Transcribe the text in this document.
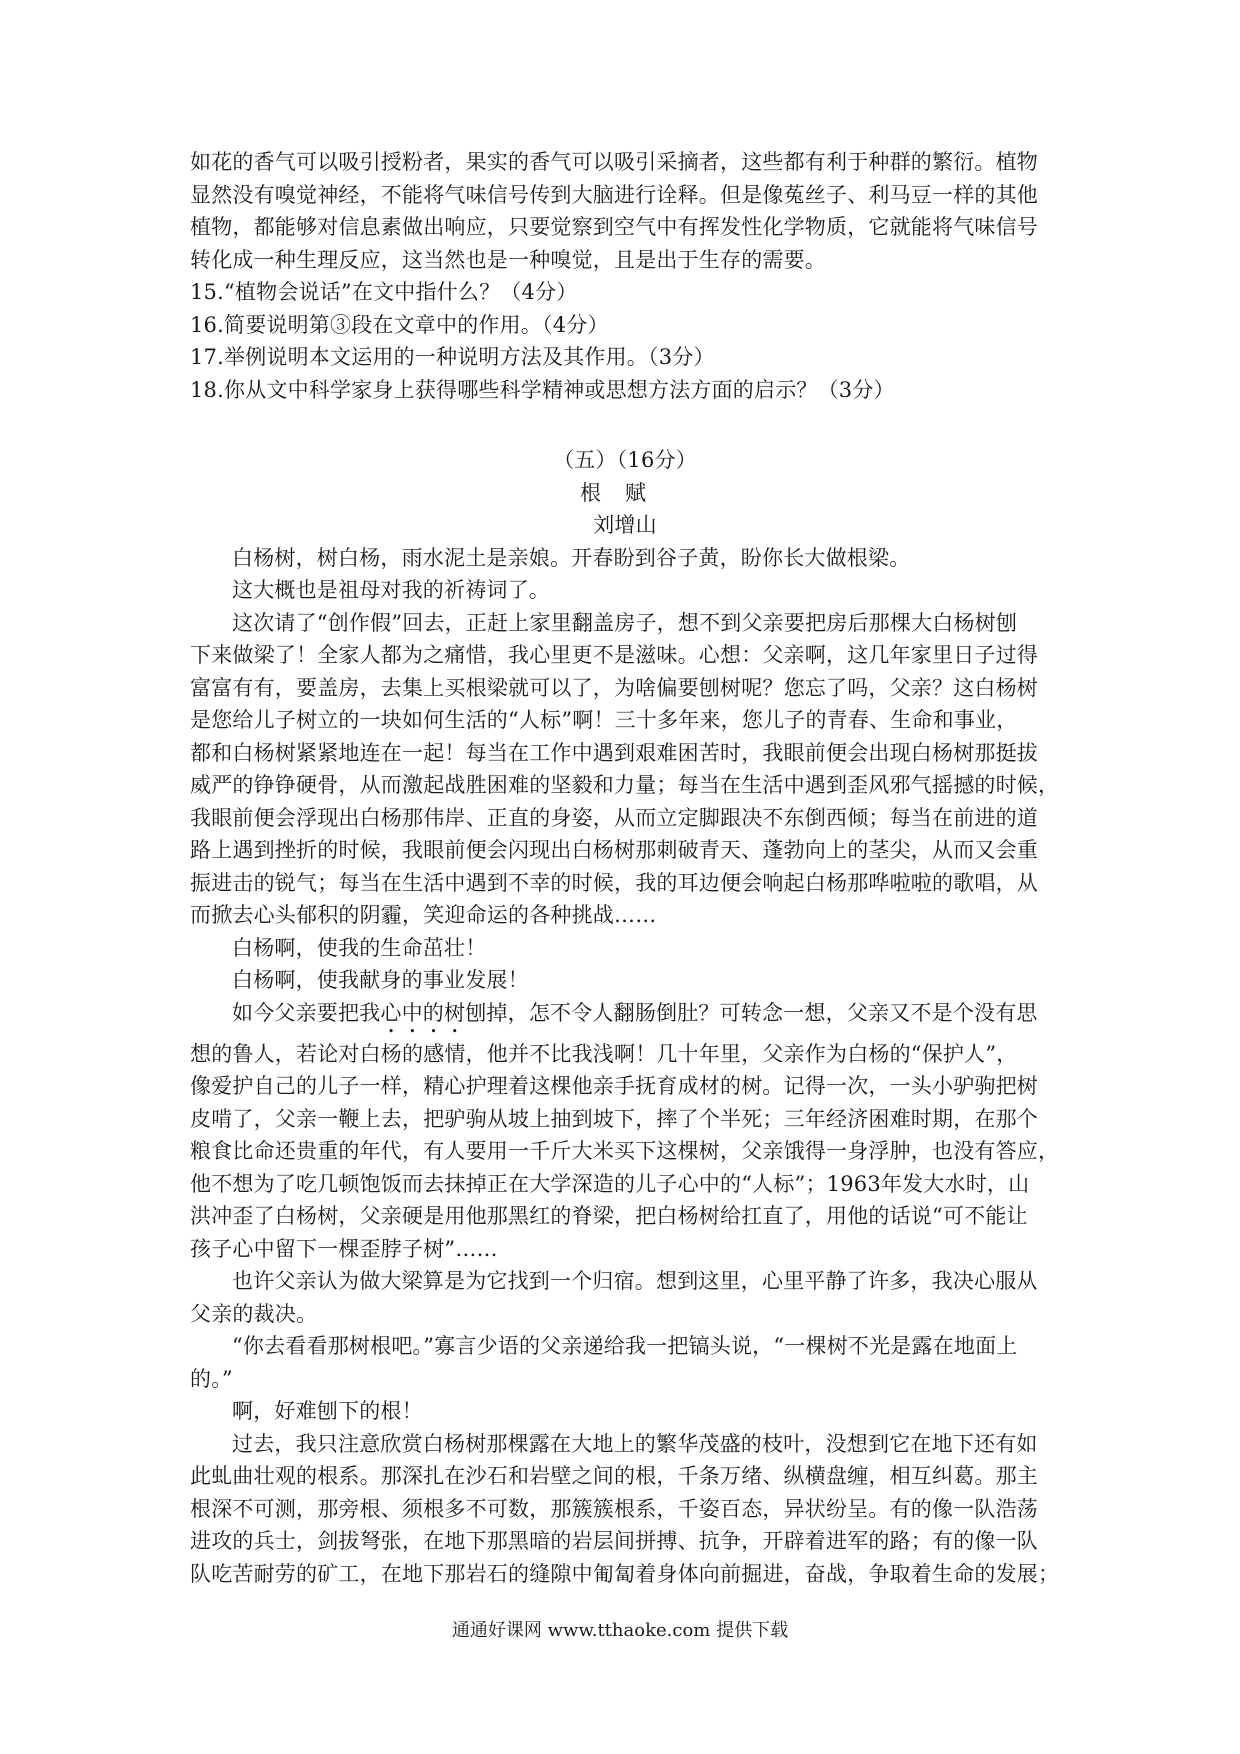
如花的香气可以吸引授粉者，果实的香气可以吸引采摘者，这些都有利于种群的繁衍。植物
显然没有嗅觉神经，不能将气味信号传到大脑进行诠释。但是像菟丝子、利马豆一样的其他
植物，都能够对信息素做出响应，只要觉察到空气中有挥发性化学物质，它就能将气味信号
转化成一种生理反应，这当然也是一种嗅觉，且是出于生存的需要。
15.“植物会说话”在文中指什么？（4分）
16.简要说明第③段在文章中的作用。（4分）
17.举例说明本文运用的一种说明方法及其作用。（3分）
18.你从文中科学家身上获得哪些科学精神或思想方法方面的启示？（3分）
（五）（16分）
根赋
刘增山
白杨树，树白杨，雨水泥土是亲娘。开春盼到谷子黄，盼你长大做根梁。
这大概也是祖母对我的祈祷词了。
这次请了“创作假”回去，正赶上家里翻盖房子，想不到父亲要把房后那棵大白杨树刨
下来做梁了！全家人都为之痛惜，我心里更不是滋味。心想：父亲啊，这几年家里日子过得
富富有有，要盖房，去集上买根梁就可以了，为啥偏要刨树呢？您忘了吗，父亲？这白杨树
是您给儿子树立的一块如何生活的“人标”啊！三十多年来，您儿子的青春、生命和事业，
都和白杨树紧紧地连在一起！每当在工作中遇到艰难困苦时，我眼前便会出现白杨树那挺拔
威严的铮铮硬骨，从而激起战胜困难的坚毅和力量；每当在生活中遇到歪风邪气摇撼的时候，
我眼前便会浮现出白杨那伟岸、正直的身姿，从而立定脚跟决不东倒西倾；每当在前进的道
路上遇到挫折的时候，我眼前便会闪现出白杨树那刺破青天、蓬勃向上的茎尖，从而又会重
振进击的锐气；每当在生活中遇到不幸的时候，我的耳边便会响起白杨那哗啦啦的歌唱，从
而掀去心头郁积的阴霾，笑迎命运的各种挑战……
白杨啊，使我的生命茁壮！
白杨啊，使我献身的事业发展！
如今父亲要把我心中的树刨掉，怎不令人翻肠倒肚？可转念一想，父亲又不是个没有思
想的鲁人，若论对白杨的感情，他并不比我浅啊！几十年里，父亲作为白杨的“保护人”，
像爱护自己的儿子一样，精心护理着这棵他亲手抚育成材的树。记得一次，一头小驴驹把树
皮啃了，父亲一鞭上去，把驴驹从坡上抽到坡下，摔了个半死；三年经济困难时期，在那个
粮食比命还贵重的年代，有人要用一千斤大米买下这棵树，父亲饿得一身浮肿，也没有答应，
他不想为了吃几顿饱饭而去抹掉正在大学深造的儿子心中的“人标”；1963年发大水时，山
洪冲歪了白杨树，父亲硬是用他那黑红的脊梁，把白杨树给扛直了，用他的话说“可不能让
孩子心中留下一棵歪脖子树”……
也许父亲认为做大梁算是为它找到一个归宿。想到这里，心里平静了许多，我决心服从
父亲的裁决。
“你去看看那树根吧。”寡言少语的父亲递给我一把镐头说，“一棵树不光是露在地面上
的。”
啊，好难刨下的根！
过去，我只注意欣赏白杨树那棵露在大地上的繁华茂盛的枝叶，没想到它在地下还有如
此虬曲壮观的根系。那深扎在沙石和岩壁之间的根，千条万绪、纵横盘缠，相互纠葛。那主
根深不可测，那旁根、须根多不可数，那簇簇根系，千姿百态，异状纷呈。有的像一队浩荡
进攻的兵士，剑拔弩张，在地下那黑暗的岩层间拼搏、抗争，开辟着进军的路；有的像一队
队吃苦耐劳的矿工，在地下那岩石的缝隙中匍匐着身体向前掘进，奋战，争取着生命的发展；
通通好课网 www.tthaoke.com 提供下载
